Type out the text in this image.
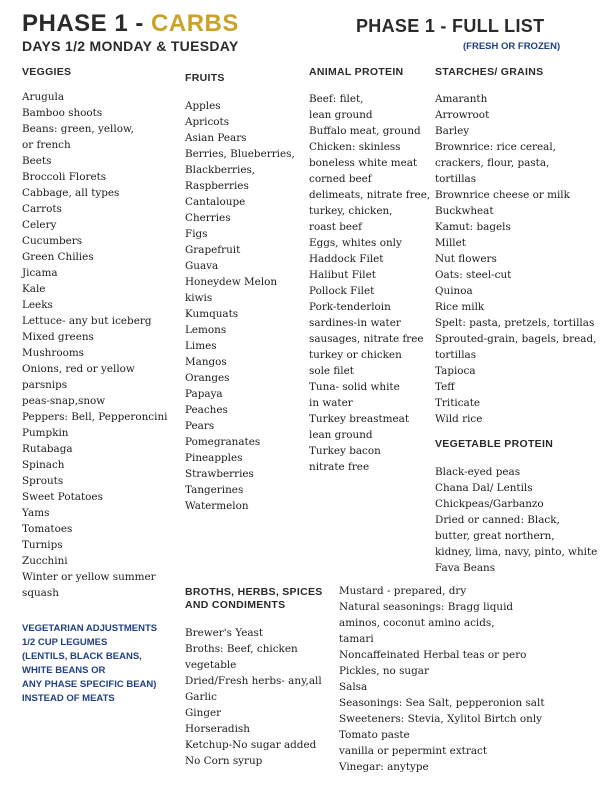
PHASE 1 - CARBS
DAYS 1/2 MONDAY & TUESDAY
PHASE 1 - FULL LIST
(FRESH OR FROZEN)
VEGGIES
Arugula
Bamboo shoots
Beans: green, yellow,
or french
Beets
Broccoli Florets
Cabbage, all types
Carrots
Celery
Cucumbers
Green Chilies
Jicama
Kale
Leeks
Lettuce- any but iceberg
Mixed greens
Mushrooms
Onions, red or yellow
parsnips
peas-snap,snow
Peppers: Bell, Pepperoncini
Pumpkin
Rutabaga
Spinach
Sprouts
Sweet Potatoes
Yams
Tomatoes
Turnips
Zucchini
Winter or yellow summer
squash
FRUITS
Apples
Apricots
Asian Pears
Berries, Blueberries,
Blackberries,
Raspberries
Cantaloupe
Cherries
Figs
Grapefruit
Guava
Honeydew Melon
kiwis
Kumquats
Lemons
Limes
Mangos
Oranges
Papaya
Peaches
Pears
Pomegranates
Pineapples
Strawberries
Tangerines
Watermelon
ANIMAL PROTEIN
Beef: filet,
lean ground
Buffalo meat, ground
Chicken: skinless
boneless white meat
corned beef
delimeats, nitrate free,
turkey, chicken,
roast beef
Eggs, whites only
Haddock Filet
Halibut Filet
Pollock Filet
Pork-tenderloin
sardines-in water
sausages, nitrate free
turkey or chicken
sole filet
Tuna- solid white
in water
Turkey breastmeat
lean ground
Turkey bacon
nitrate free
STARCHES/ GRAINS
Amaranth
Arrowroot
Barley
Brownrice: rice cereal,
crackers, flour, pasta,
tortillas
Brownrice cheese or milk
Buckwheat
Kamut: bagels
Millet
Nut flowers
Oats: steel-cut
Quinoa
Rice milk
Spelt: pasta, pretzels, tortillas
Sprouted-grain, bagels, bread,
tortillas
Tapioca
Teff
Triticate
Wild rice
VEGETABLE PROTEIN
Black-eyed peas
Chana Dal/ Lentils
Chickpeas/Garbanzo
Dried or canned: Black,
butter, great northern,
kidney, lima, navy, pinto, white
Fava Beans
BROTHS, HERBS, SPICES
AND CONDIMENTS
Brewer's Yeast
Broths: Beef, chicken
vegetable
Dried/Fresh herbs- any,all
Garlic
Ginger
Horseradish
Ketchup-No sugar added
No Corn syrup
Mustard - prepared, dry
Natural seasonings: Bragg liquid
aminos, coconut amino acids,
tamari
Noncaffeinated Herbal teas or pero
Pickles, no sugar
Salsa
Seasonings: Sea Salt, pepperonion salt
Sweeteners: Stevia, Xylitol Birtch only
Tomato paste
vanilla or pepermint extract
Vinegar: anytype
VEGETARIAN ADJUSTMENTS
1/2 CUP LEGUMES
(LENTILS, BLACK BEANS,
WHITE BEANS OR
ANY PHASE SPECIFIC BEAN)
INSTEAD OF MEATS
